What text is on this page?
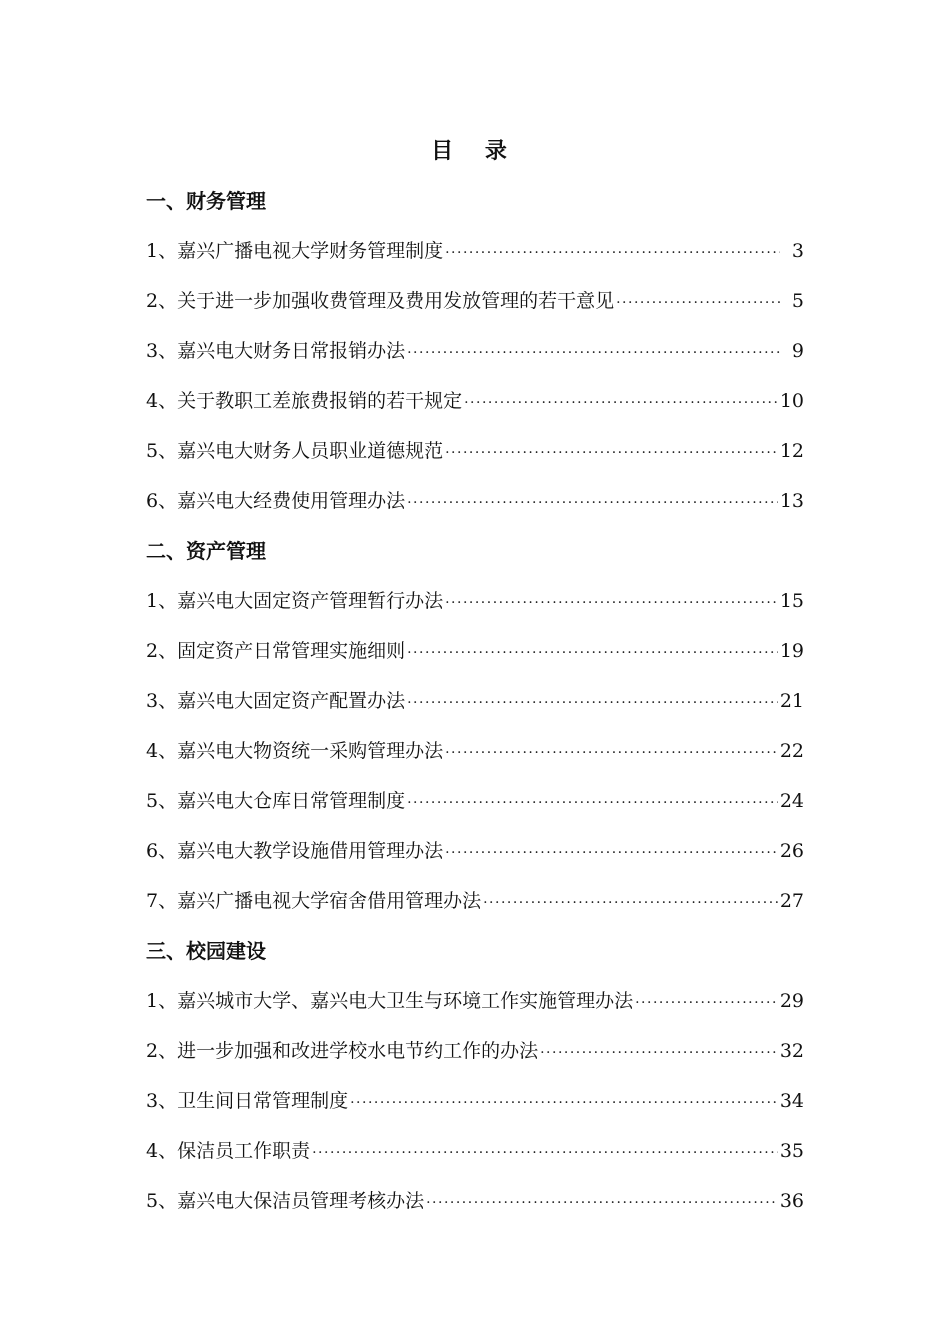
目 录
一、财务管理
1、嘉兴广播电视大学财务管理制度 ·····	3
2、关于进一步加强收费管理及费用发放管理的若干意见 ·····	5
3、嘉兴电大财务日常报销办法 ·····	9
4、关于教职工差旅费报销的若干规定 ·····	10
5、嘉兴电大财务人员职业道德规范 ·····	12
6、嘉兴电大经费使用管理办法 ·····	13
二、资产管理
1、嘉兴电大固定资产管理暂行办法 ·····	15
2、固定资产日常管理实施细则 ·····	19
3、嘉兴电大固定资产配置办法 ·····	21
4、嘉兴电大物资统一采购管理办法 ·····	22
5、嘉兴电大仓库日常管理制度 ·····	24
6、嘉兴电大教学设施借用管理办法 ·····	26
7、嘉兴广播电视大学宿舍借用管理办法 ·····	27
三、校园建设
1、嘉兴城市大学、嘉兴电大卫生与环境工作实施管理办法 ·····	29
2、进一步加强和改进学校水电节约工作的办法 ·····	32
3、卫生间日常管理制度 ·····	34
4、保洁员工作职责 ·····	35
5、嘉兴电大保洁员管理考核办法 ·····	36
